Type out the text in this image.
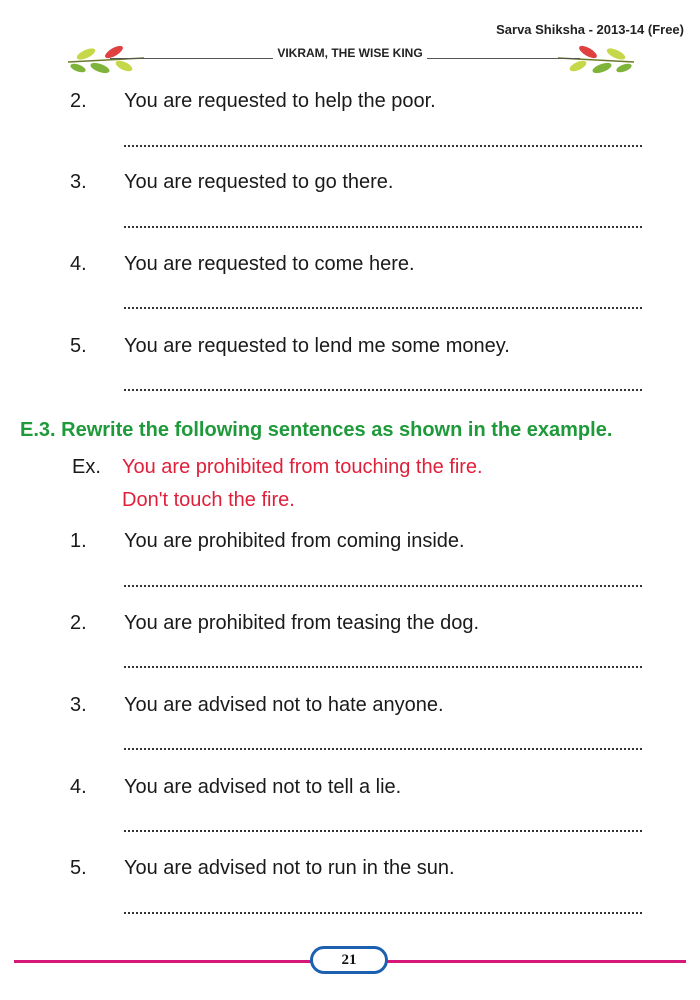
Sarva Shiksha - 2013-14 (Free)
VIKRAM, THE WISE KING
2. You are requested to help the poor.
3. You are requested to go there.
4. You are requested to come here.
5. You are requested to lend me some money.
E.3. Rewrite the following sentences as shown in the example.
Ex. You are prohibited from touching the fire.
Don't touch the fire.
1. You are prohibited from coming inside.
2. You are prohibited from teasing the dog.
3. You are advised not to hate anyone.
4. You are advised not to tell a lie.
5. You are advised not to run in the sun.
21
